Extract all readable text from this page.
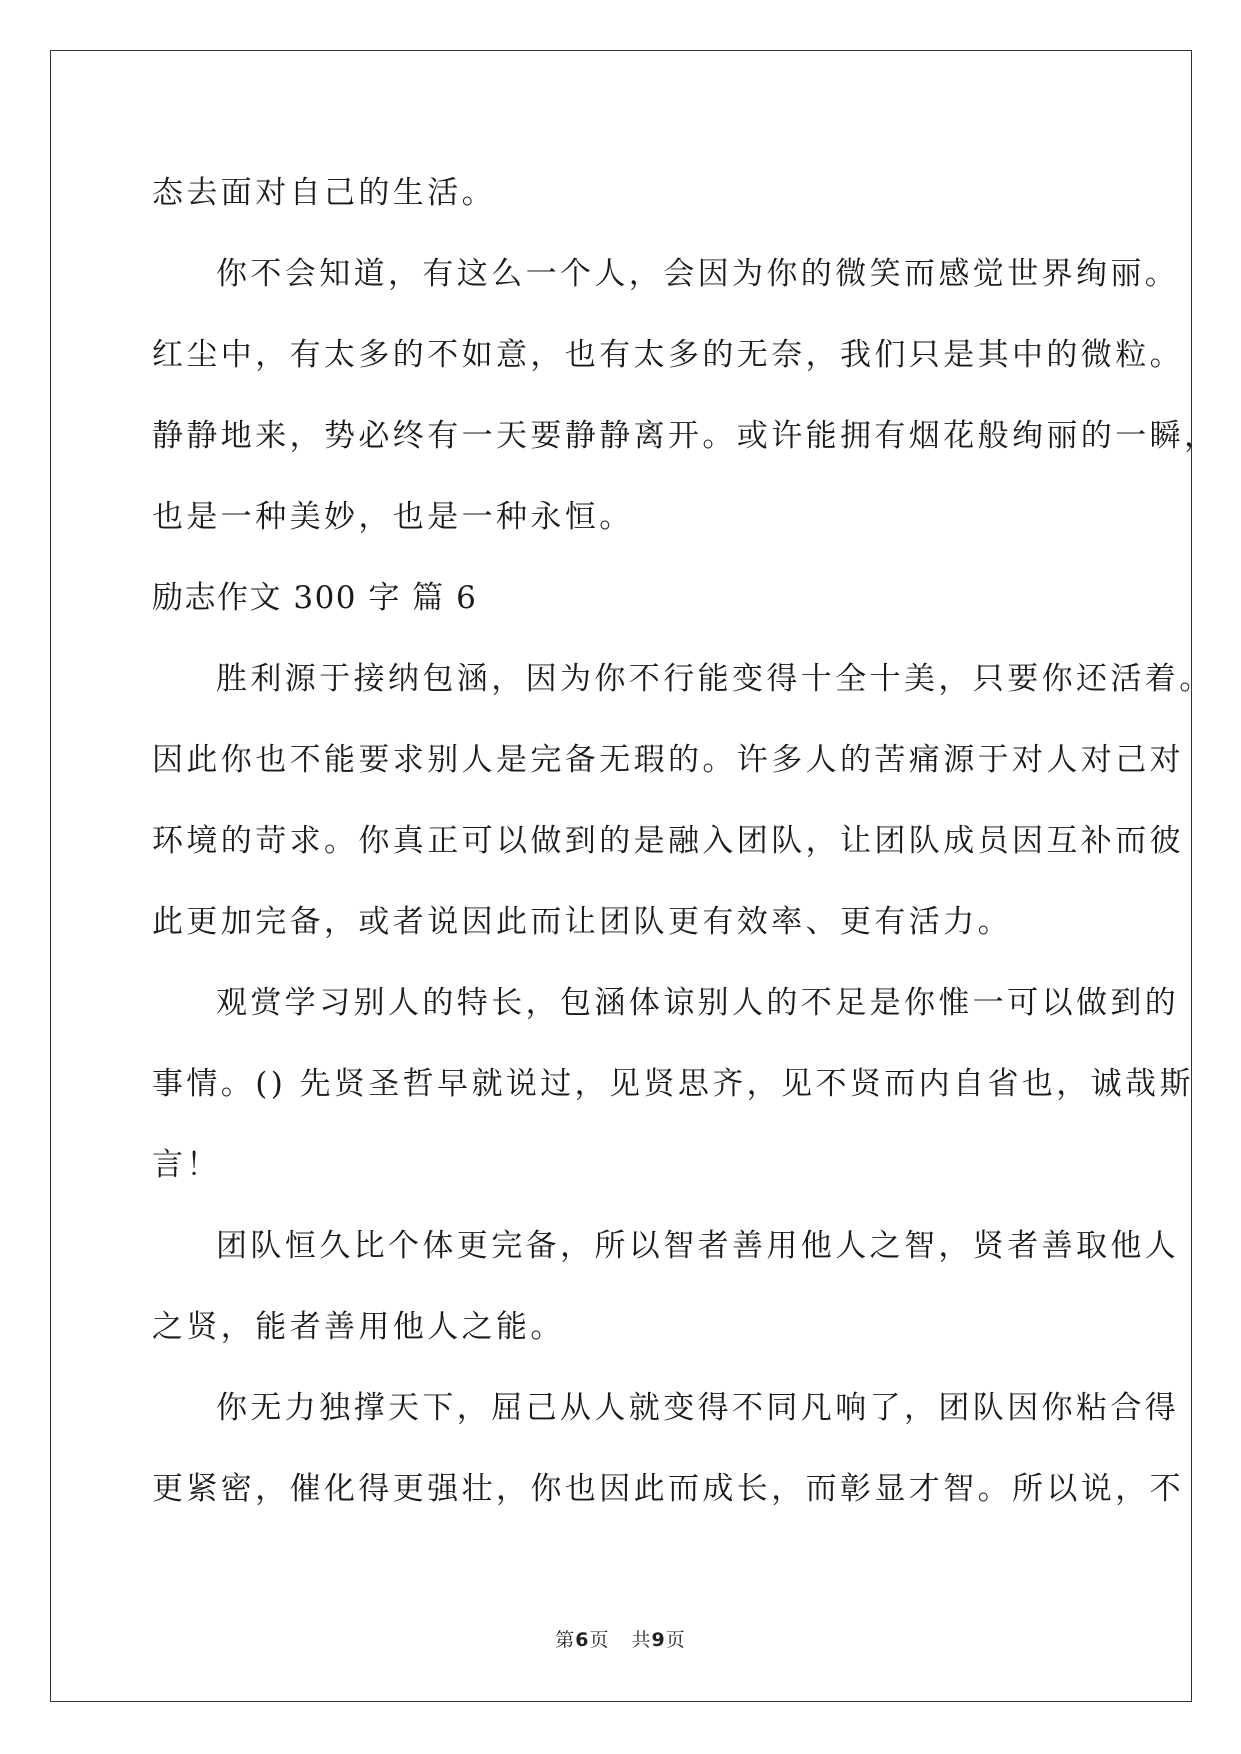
态去面对自己的生活。
你不会知道，有这么一个人，会因为你的微笑而感觉世界绚丽。
红尘中，有太多的不如意，也有太多的无奈，我们只是其中的微粒。
静静地来，势必终有一天要静静离开。或许能拥有烟花般绚丽的一瞬，
也是一种美妙，也是一种永恒。
励志作文 300 字 篇 6
胜利源于接纳包涵，因为你不行能变得十全十美，只要你还活着。
因此你也不能要求别人是完备无瑕的。许多人的苦痛源于对人对己对
环境的苛求。你真正可以做到的是融入团队，让团队成员因互补而彼
此更加完备，或者说因此而让团队更有效率、更有活力。
观赏学习别人的特长，包涵体谅别人的不足是你惟一可以做到的
事情。() 先贤圣哲早就说过，见贤思齐，见不贤而内自省也，诚哉斯
言！
团队恒久比个体更完备，所以智者善用他人之智，贤者善取他人
之贤，能者善用他人之能。
你无力独撑天下，屈己从人就变得不同凡响了，团队因你粘合得
更紧密，催化得更强壮，你也因此而成长，而彰显才智。所以说，不
第6页 共9页
